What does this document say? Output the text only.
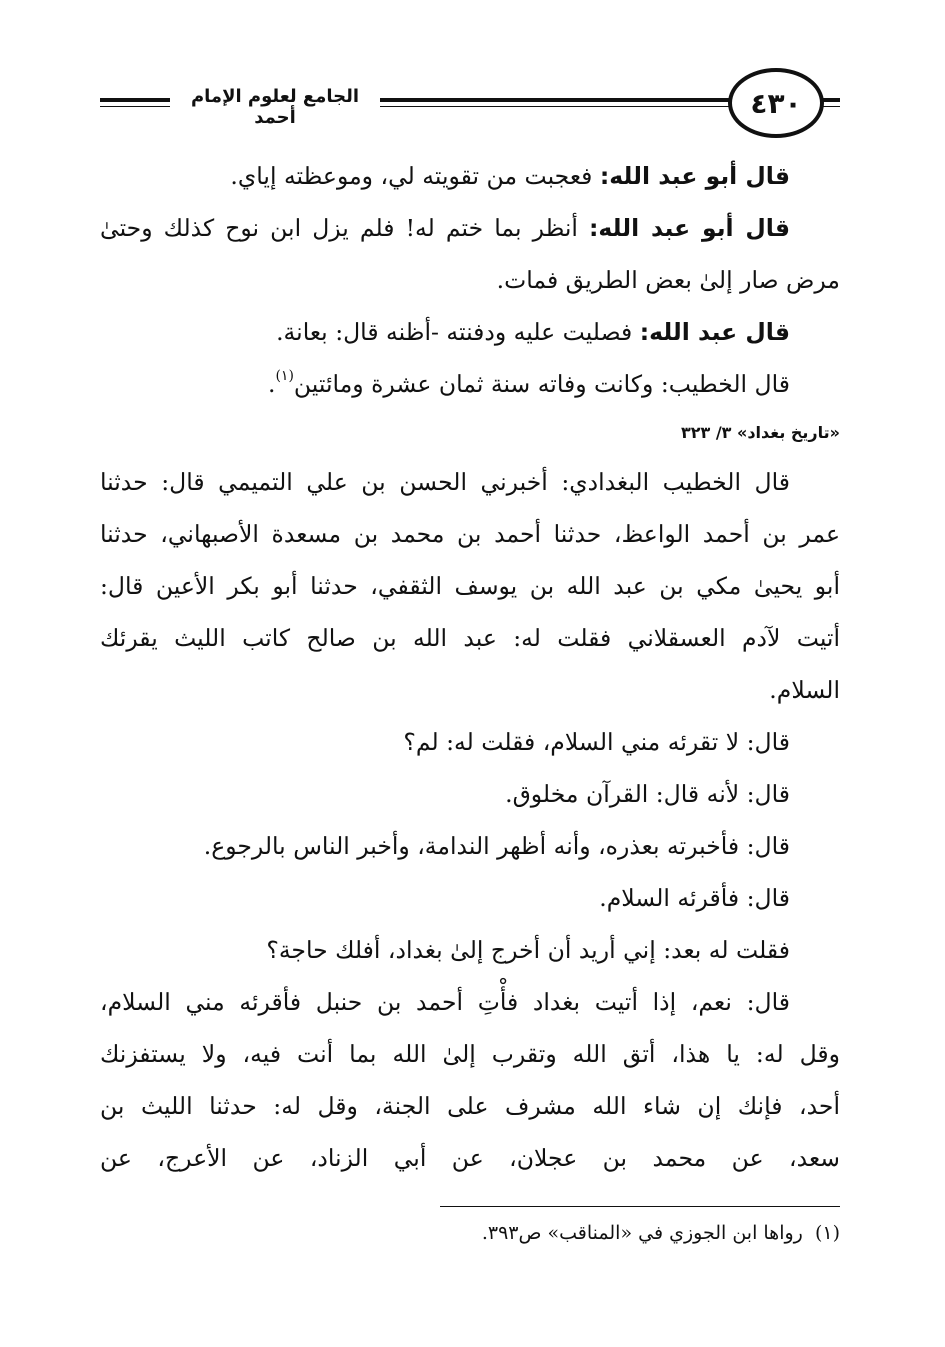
الجامع لعلوم الإمام أحمد	٤٣٠
قال أبو عبد الله: فعجبت من تقويته لي، وموعظته إياي.
قال أبو عبد الله: أنظر بما ختم له! فلم يزل ابن نوح كذلك وحتىٰ
مرض صار إلىٰ بعض الطريق فمات.
قال عبد الله: فصليت عليه ودفنته -أظنه قال: بعانة.
قال الخطيب: وكانت وفاته سنة ثمان عشرة ومائتين$^{(١)}$.
«تاريخ بغداد» ٣/ ٣٢٣
قال الخطيب البغدادي: أخبرني الحسن بن علي التميمي قال: حدثنا
عمر بن أحمد الواعظ، حدثنا أحمد بن محمد بن مسعدة الأصبهاني، حدثنا
أبو يحيىٰ مكي بن عبد الله بن يوسف الثقفي، حدثنا أبو بكر الأعين قال:
أتيت لآدم العسقلاني فقلت له: عبد الله بن صالح كاتب الليث يقرئك
السلام.
قال: لا تقرئه مني السلام، فقلت له: لم؟
قال: لأنه قال: القرآن مخلوق.
قال: فأخبرته بعذره، وأنه أظهر الندامة، وأخبر الناس بالرجوع.
قال: فأقرئه السلام.
فقلت له بعد: إني أريد أن أخرج إلىٰ بغداد، أفلك حاجة؟
قال: نعم، إذا أتيت بغداد فأْتِ أحمد بن حنبل فأقرئه مني السلام،
وقل له: يا هذا، أتق الله وتقرب إلىٰ الله بما أنت فيه، ولا يستفزنك
أحد، فإنك إن شاء الله مشرف على الجنة، وقل له: حدثنا الليث بن
سعد، عن محمد بن عجلان، عن أبي الزناد، عن الأعرج، عن
(١)  رواها ابن الجوزي في «المناقب» ص٣٩٣.
